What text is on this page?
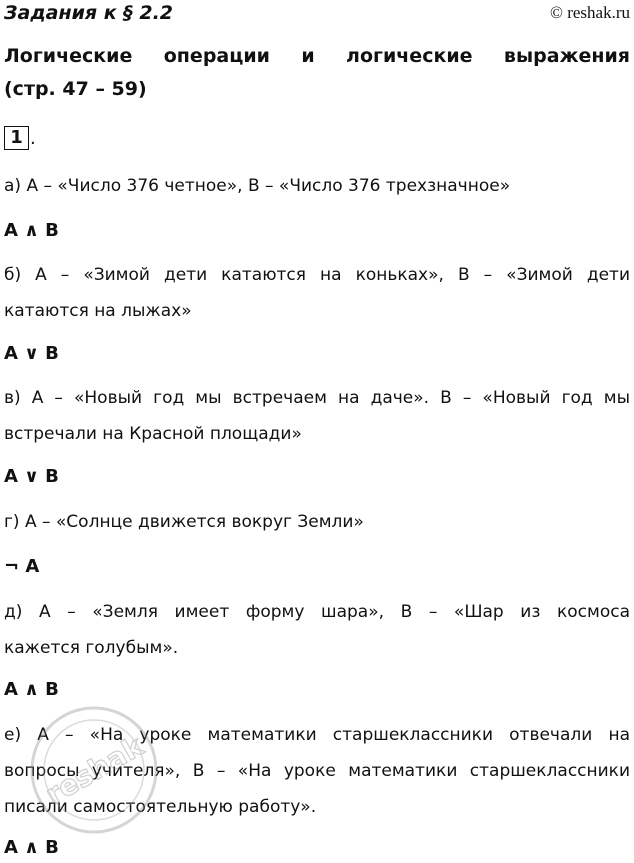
Задания к § 2.2	© reshak.ru
Логические операции и логические выражения
(стр. 47 – 59)
1 .
а) A – «Число 376 четное», B – «Число 376 трехзначное»
A ∧ B
б) A – «Зимой дети катаются на коньках», B – «Зимой дети
катаются на лыжах»
A ∨ B
в) A – «Новый год мы встречаем на даче». B – «Новый год мы
встречали на Красной площади»
A ∨ B
г) A – «Солнце движется вокруг Земли»
¬ A
д) A – «Земля имеет форму шара», B – «Шар из космоса
кажется голубым».
A ∧ B
е) A – «На уроке математики старшеклассники отвечали на
вопросы учителя», B – «На уроке математики старшеклассники
писали самостоятельную работу».
A ∧ B
reshak
